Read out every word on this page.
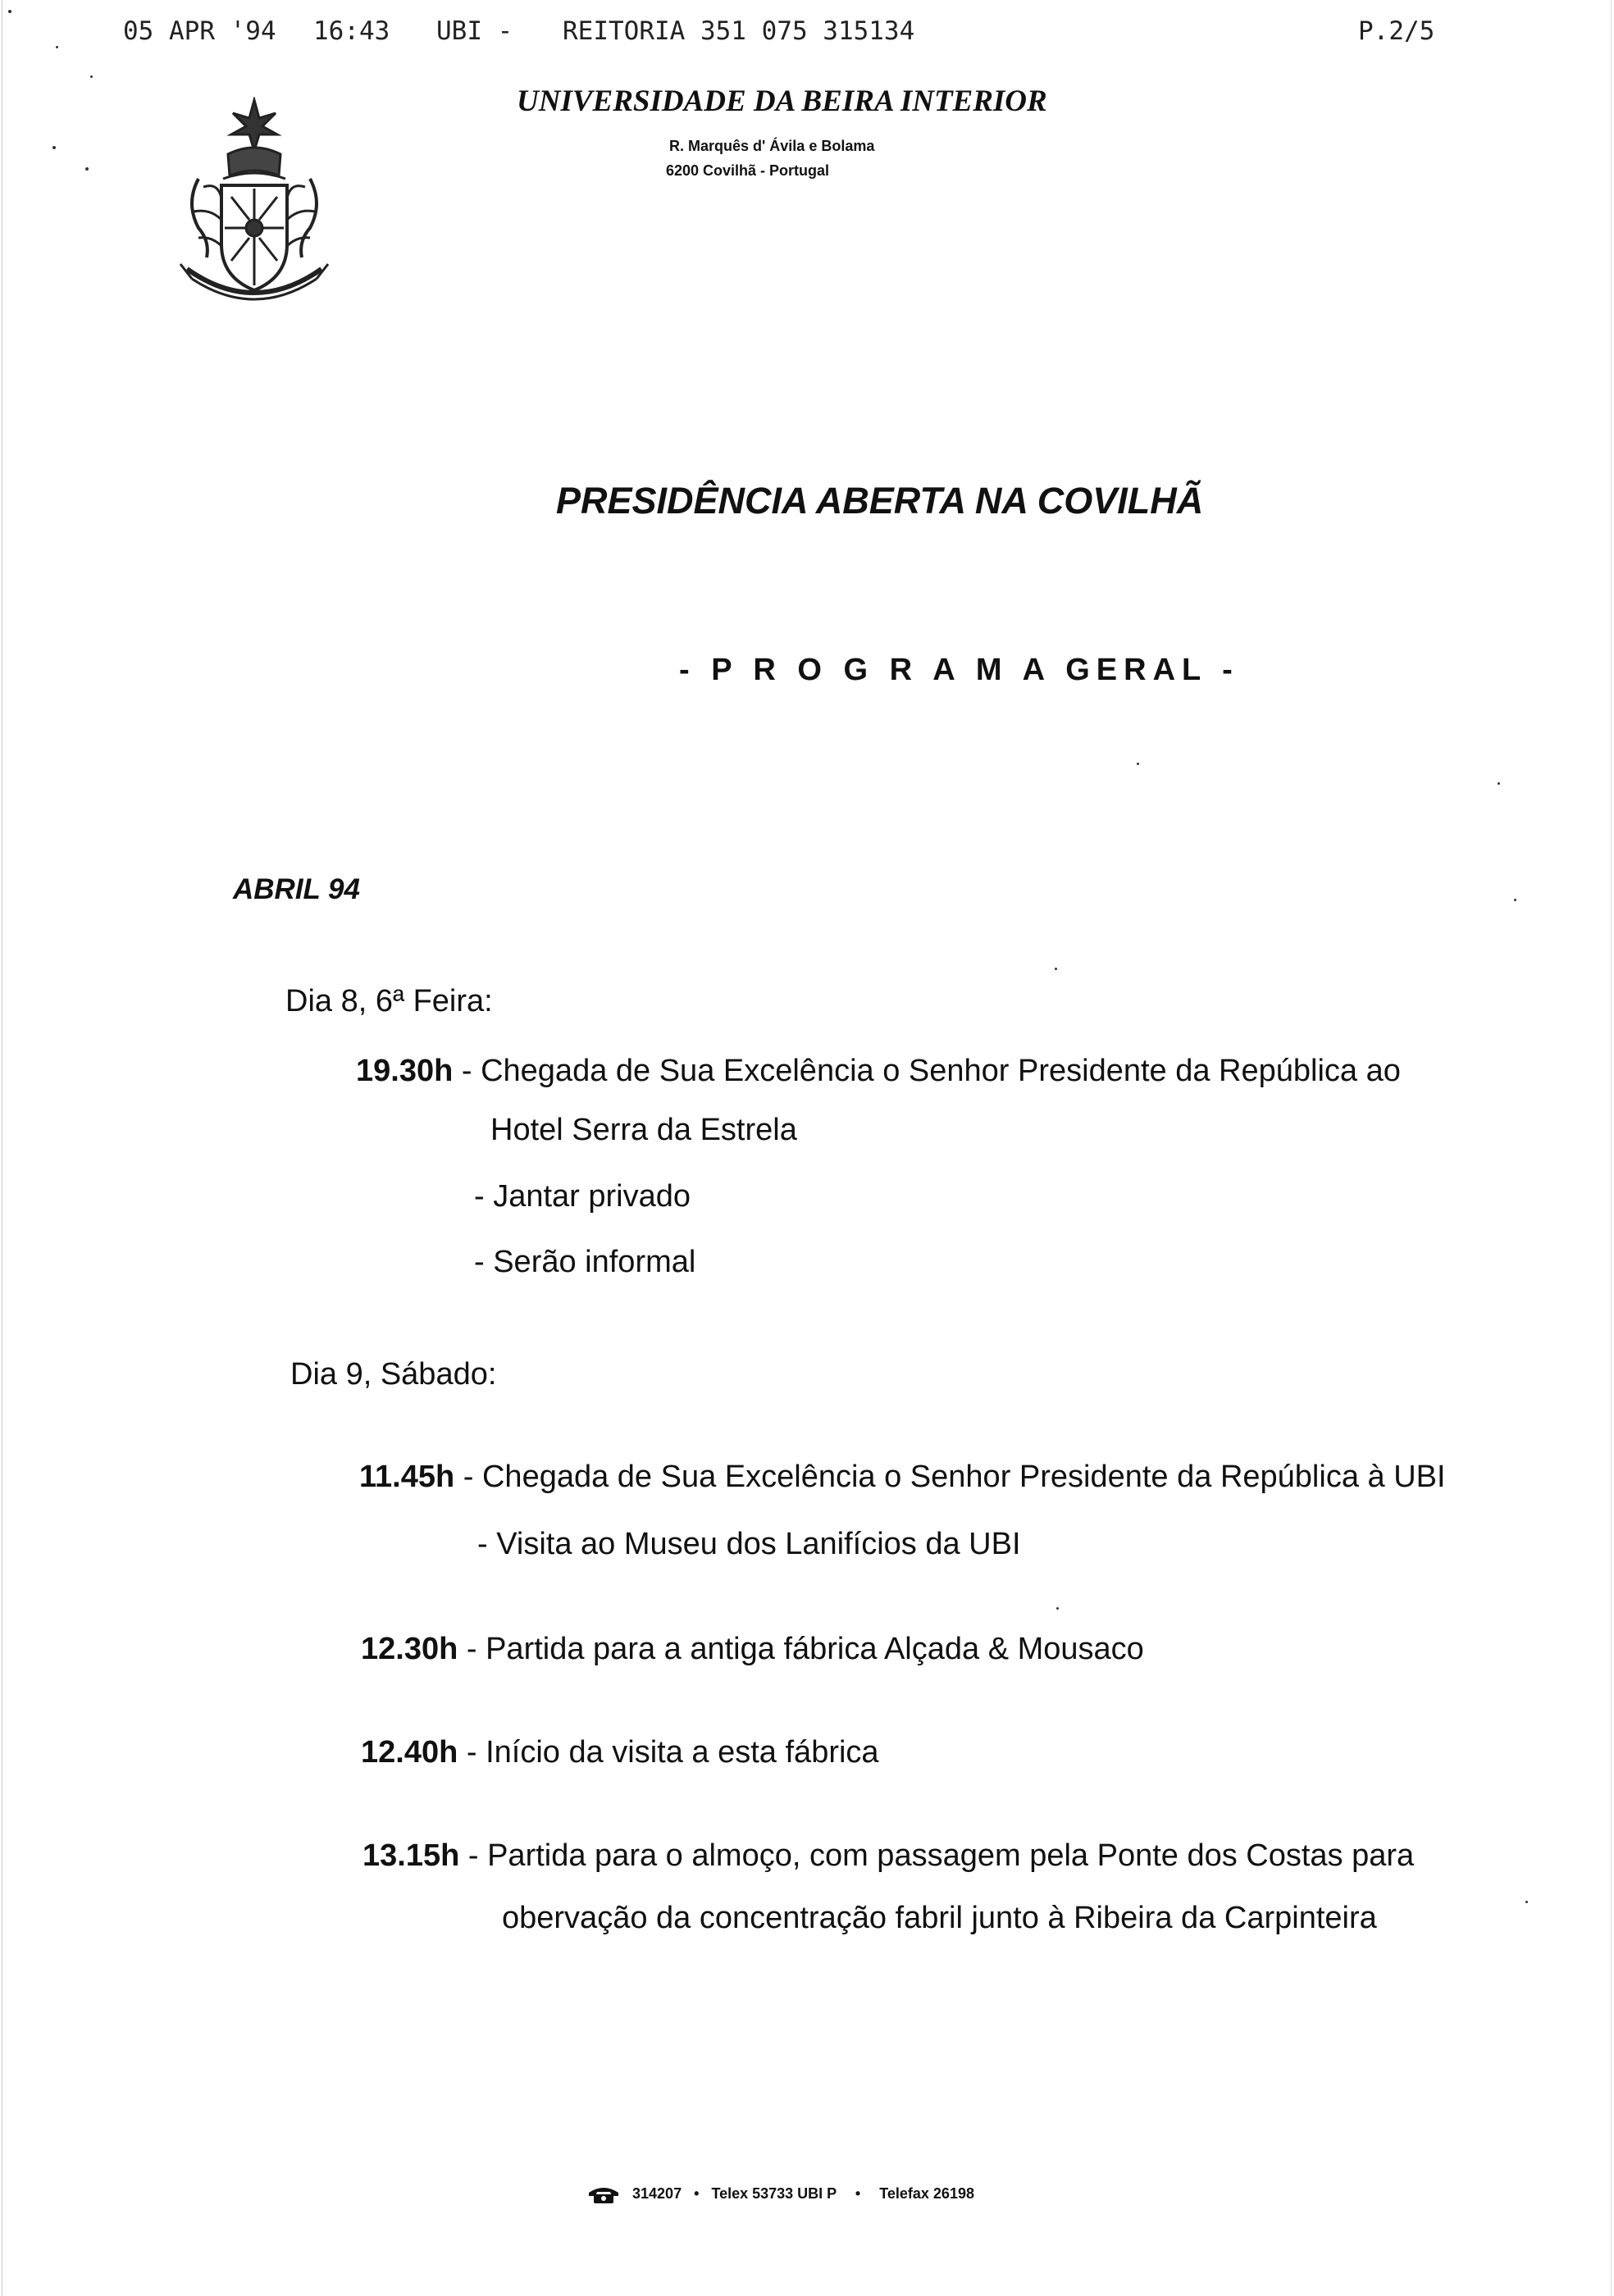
05 APR '94 16:43 UBI - REITORIA 351 075 315134	P.2/5
UNIVERSIDADE DA BEIRA INTERIOR
R. Marquês d' Ávila e Bolama
6200 Covilhã - Portugal
PRESIDÊNCIA ABERTA NA COVILHÃ
- P R O G R A M A GERAL -
ABRIL 94
Dia 8, 6ª Feira:
19.30h - Chegada de Sua Excelência o Senhor Presidente da República ao
Hotel Serra da Estrela
- Jantar privado
- Serão informal
Dia 9, Sábado:
11.45h - Chegada de Sua Excelência o Senhor Presidente da República à UBI
- Visita ao Museu dos Lanifícios da UBI
12.30h - Partida para a antiga fábrica Alçada & Mousaco
12.40h - Início da visita a esta fábrica
13.15h - Partida para o almoço, com passagem pela Ponte dos Costas para
obervação da concentração fabril junto à Ribeira da Carpinteira
314207 • Telex 53733 UBI P • Telefax 26198
